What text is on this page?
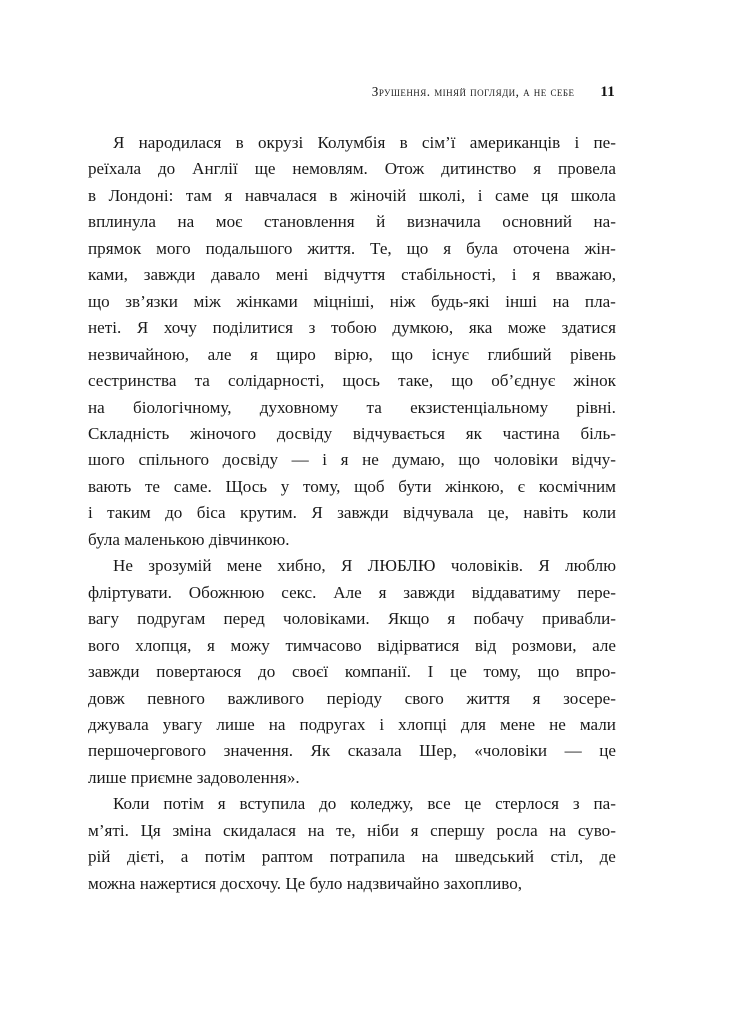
Зрушення. міняй погляди, а не себе 11

Я народилася в окрузі Колумбія в сім’ї американців і пе-
реїхала до Англії ще немовлям. Отож дитинство я провела
в Лондоні: там я навчалася в жіночій школі, і саме ця школа
вплинула на моє становлення й визначила основний на-
прямок мого подальшого життя. Те, що я була оточена жін-
ками, завжди давало мені відчуття стабільності, і я вважаю,
що зв’язки між жінками міцніші, ніж будь-які інші на пла-
неті. Я хочу поділитися з тобою думкою, яка може здатися
незвичайною, але я щиро вірю, що існує глибший рівень
сестринства та солідарності, щось таке, що об’єднує жінок
на біологічному, духовному та екзистенціальному рівні.
Складність жіночого досвіду відчувається як частина біль-
шого спільного досвіду — і я не думаю, що чоловіки відчу-
вають те саме. Щось у тому, щоб бути жінкою, є космічним
і таким до біса крутим. Я завжди відчувала це, навіть коли
була маленькою дівчинкою.

Не зрозумій мене хибно, Я ЛЮБЛЮ чоловіків. Я люблю
фліртувати. Обожнюю секс. Але я завжди віддаватиму пере-
вагу подругам перед чоловіками. Якщо я побачу привабли-
вого хлопця, я можу тимчасово відірватися від розмови, але
завжди повертаюся до своєї компанії. І це тому, що впро-
довж певного важливого періоду свого життя я зосере-
джувала увагу лише на подругах і хлопці для мене не мали
першочергового значення. Як сказала Шер, «чоловіки — це
лише приємне задоволення».

Коли потім я вступила до коледжу, все це стерлося з па-
м’яті. Ця зміна скидалася на те, ніби я спершу росла на суво-
рій дієті, а потім раптом потрапила на шведський стіл, де
можна нажертися досхочу. Це було надзвичайно захопливо,
